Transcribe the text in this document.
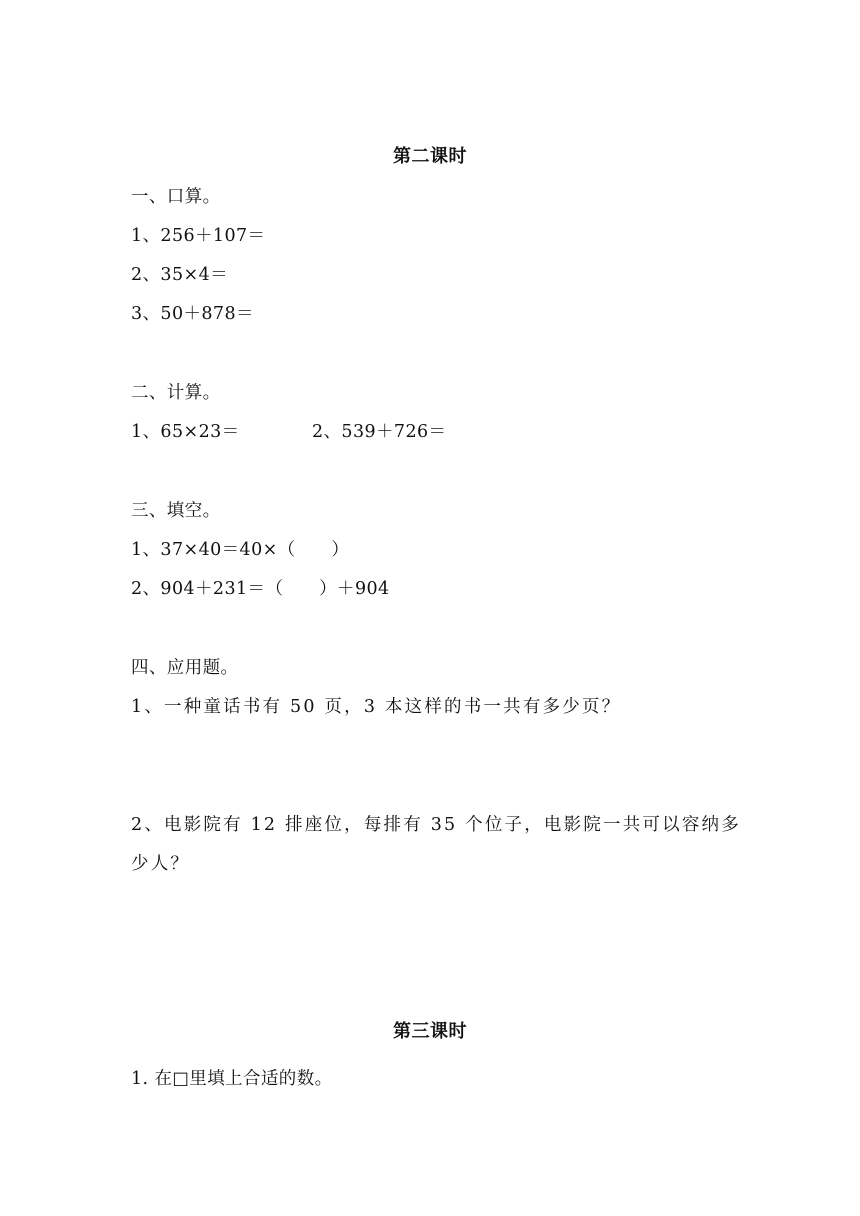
第二课时
一、口算。
1、256＋107＝
2、35×4＝
3、50＋878＝
二、计算。
1、65×23＝	2、539＋726＝
三、填空。
1、37×40＝40×（　　）
2、904＋231＝（　　）＋904
四、应用题。
1、一种童话书有 50 页，3 本这样的书一共有多少页？
2、电影院有 12 排座位，每排有 35 个位子，电影院一共可以容纳多
少人？
第三课时
1. 在□里填上合适的数。
